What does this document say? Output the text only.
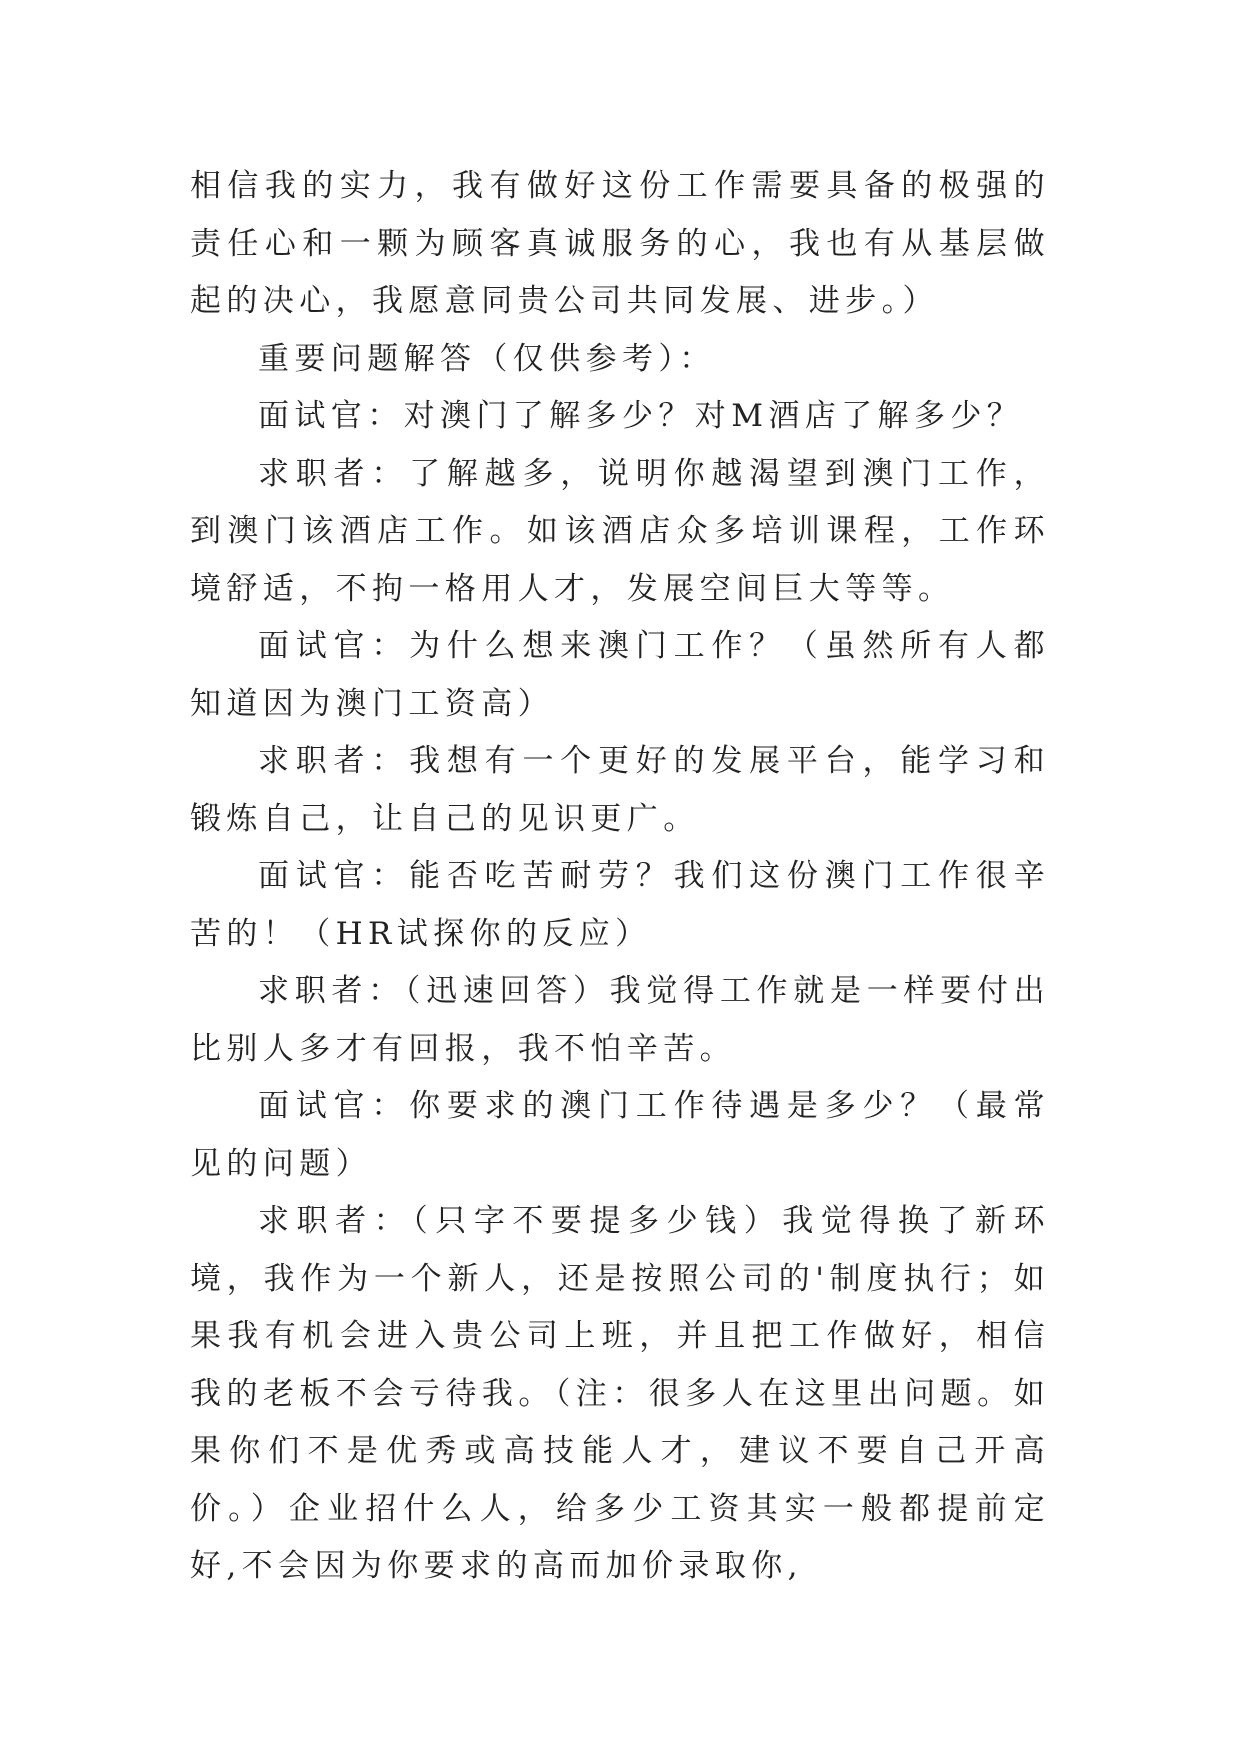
相信我的实力，我有做好这份工作需要具备的极强的责任心和一颗为顾客真诚服务的心，我也有从基层做起的决心，我愿意同贵公司共同发展、进步。）

重要问题解答（仅供参考）：

面试官：对澳门了解多少？对M酒店了解多少？

求职者：了解越多，说明你越渴望到澳门工作，到澳门该酒店工作。如该酒店众多培训课程，工作环境舒适，不拘一格用人才，发展空间巨大等等。

面试官：为什么想来澳门工作？（虽然所有人都知道因为澳门工资高）

求职者：我想有一个更好的发展平台，能学习和锻炼自己，让自己的见识更广。

面试官：能否吃苦耐劳？我们这份澳门工作很辛苦的！（HR试探你的反应）

求职者：（迅速回答）我觉得工作就是一样要付出比别人多才有回报，我不怕辛苦。

面试官：你要求的澳门工作待遇是多少？（最常见的问题）

求职者：（只字不要提多少钱）我觉得换了新环境，我作为一个新人，还是按照公司的'制度执行；如果我有机会进入贵公司上班，并且把工作做好，相信我的老板不会亏待我。（注：很多人在这里出问题。如果你们不是优秀或高技能人才，建议不要自己开高价。）企业招什么人，给多少工资其实一般都提前定好,不会因为你要求的高而加价录取你,
